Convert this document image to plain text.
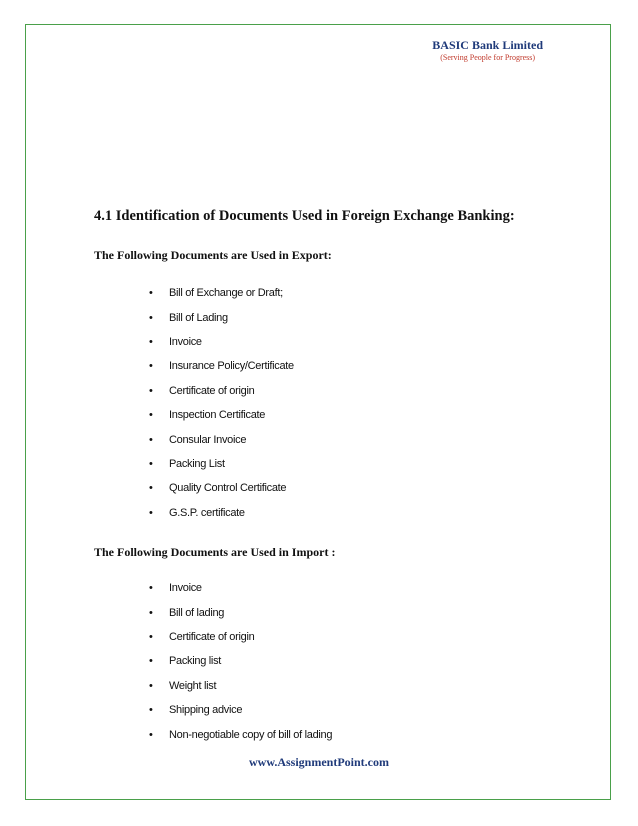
BASIC Bank Limited
(Serving People for Progress)
4.1 Identification of Documents Used in Foreign Exchange Banking:
The Following Documents are Used in Export:
•	Bill of Exchange or Draft;
•	Bill of Lading
•	Invoice
•	Insurance Policy/Certificate
•	Certificate of origin
•	Inspection Certificate
•	Consular Invoice
•	Packing List
•	Quality Control Certificate
•	G.S.P. certificate
The Following Documents are Used in Import :
•	Invoice
•	Bill of lading
•	Certificate of origin
•	Packing list
•	Weight list
•	Shipping advice
•	Non-negotiable copy of bill of lading
www.AssignmentPoint.com
